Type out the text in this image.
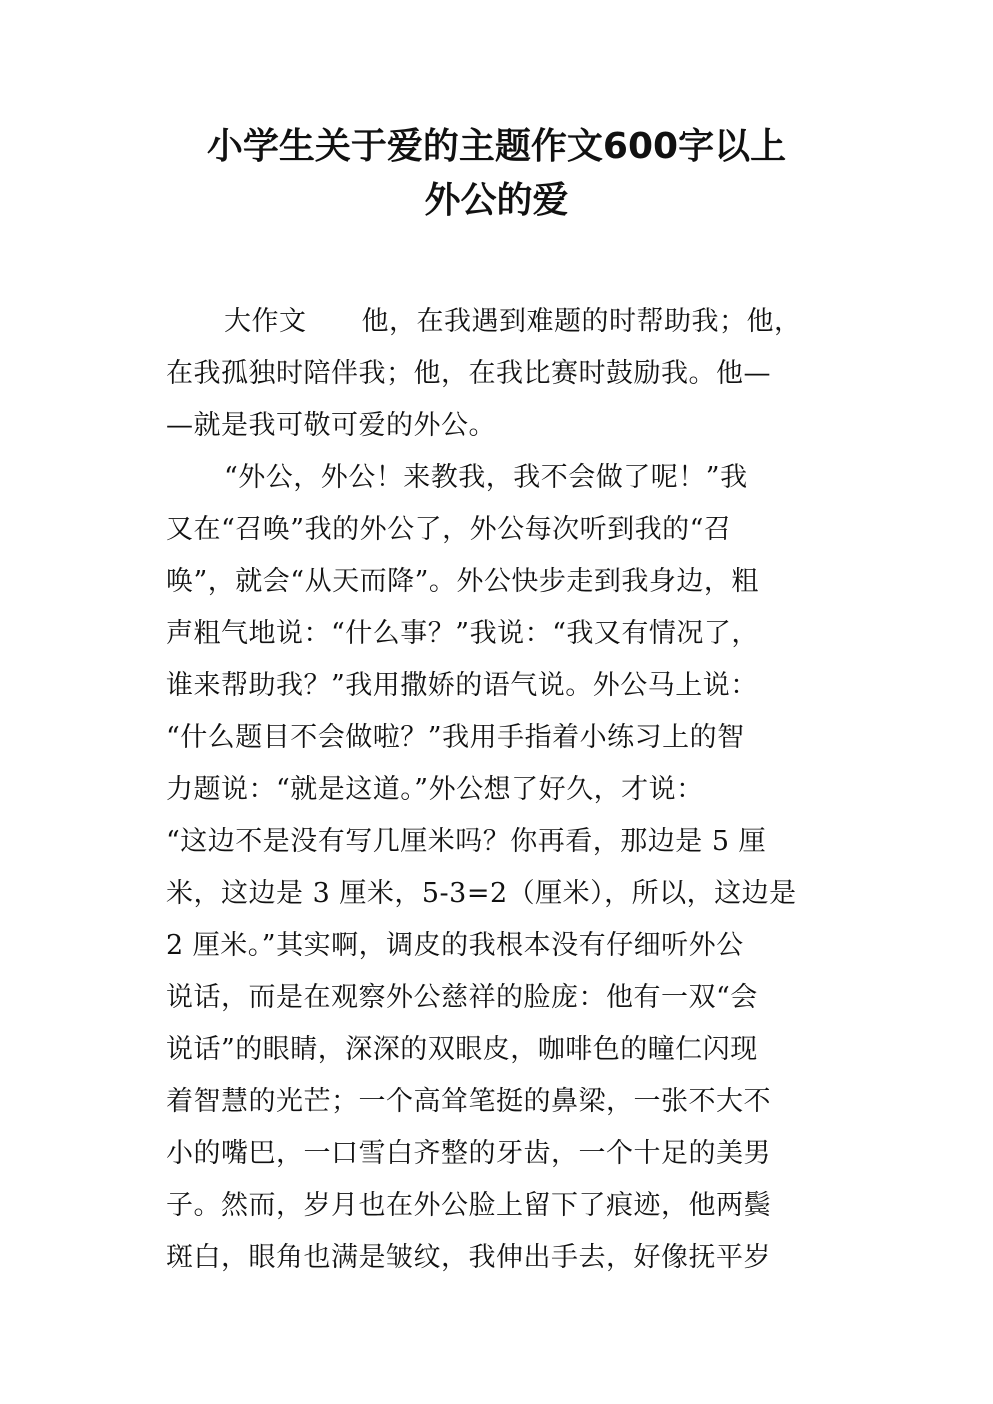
小学生关于爱的主题作文600字以上
外公的爱
大作文　　他，在我遇到难题的时帮助我；他，
在我孤独时陪伴我；他，在我比赛时鼓励我。他—
—就是我可敬可爱的外公。
“外公，外公！来教我，我不会做了呢！”我
又在“召唤”我的外公了，外公每次听到我的“召
唤”，就会“从天而降”。外公快步走到我身边，粗
声粗气地说：“什么事？”我说：“我又有情况了，
谁来帮助我？”我用撒娇的语气说。外公马上说：
“什么题目不会做啦？”我用手指着小练习上的智
力题说：“就是这道。”外公想了好久，才说：
“这边不是没有写几厘米吗？你再看，那边是 5 厘
米，这边是 3 厘米，5-3=2（厘米），所以，这边是
2 厘米。”其实啊，调皮的我根本没有仔细听外公
说话，而是在观察外公慈祥的脸庞：他有一双“会
说话”的眼睛，深深的双眼皮，咖啡色的瞳仁闪现
着智慧的光芒；一个高耸笔挺的鼻梁，一张不大不
小的嘴巴，一口雪白齐整的牙齿，一个十足的美男
子。然而，岁月也在外公脸上留下了痕迹，他两鬓
斑白，眼角也满是皱纹，我伸出手去，好像抚平岁
